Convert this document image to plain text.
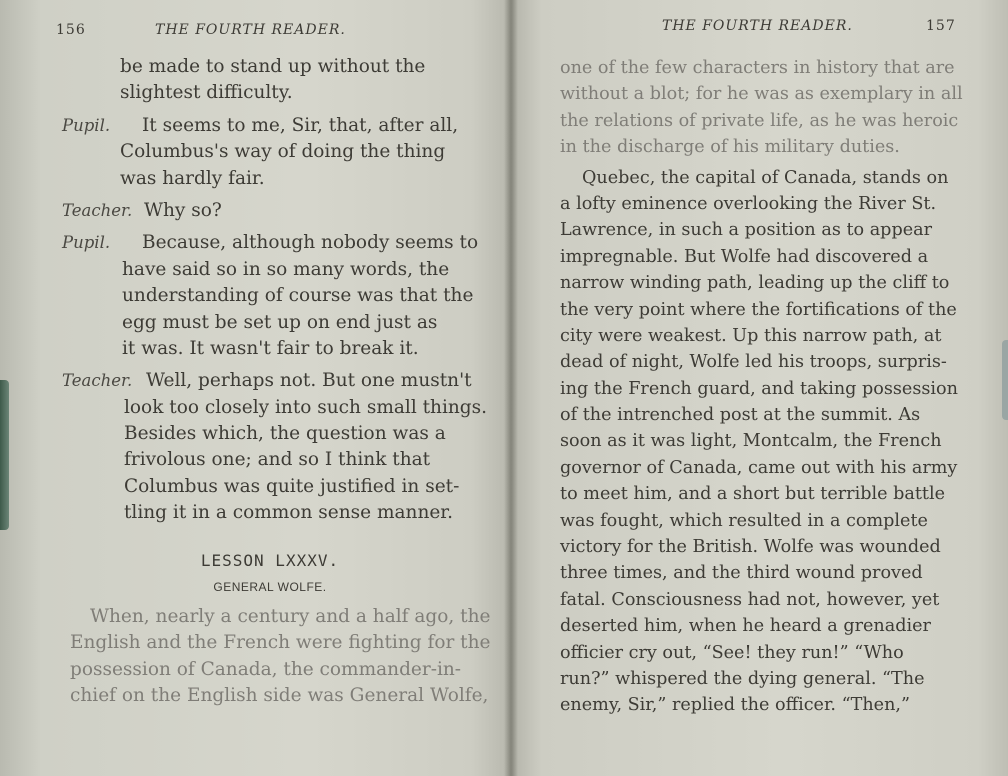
156	THE FOURTH READER.
be made to stand up without the
slightest difficulty.
Pupil. It seems to me, Sir, that, after all,
Columbus's way of doing the thing
was hardly fair.
Teacher. Why so?
Pupil. Because, although nobody seems to
have said so in so many words, the
understanding of course was that the
egg must be set up on end just as
it was. It wasn't fair to break it.
Teacher. Well, perhaps not. But one mustn't
look too closely into such small things.
Besides which, the question was a
frivolous one; and so I think that
Columbus was quite justified in set-
tling it in a common sense manner.
LESSON LXXXV.
GENERAL WOLFE.
When, nearly a century and a half ago, the
English and the French were fighting for the
possession of Canada, the commander-in-
chief on the English side was General Wolfe,
THE FOURTH READER.	157
one of the few characters in history that are
without a blot; for he was as exemplary in all
the relations of private life, as he was heroic
in the discharge of his military duties.
Quebec, the capital of Canada, stands on
a lofty eminence overlooking the River St.
Lawrence, in such a position as to appear
impregnable. But Wolfe had discovered a
narrow winding path, leading up the cliff to
the very point where the fortifications of the
city were weakest. Up this narrow path, at
dead of night, Wolfe led his troops, surpris-
ing the French guard, and taking possession
of the intrenched post at the summit. As
soon as it was light, Montcalm, the French
governor of Canada, came out with his army
to meet him, and a short but terrible battle
was fought, which resulted in a complete
victory for the British. Wolfe was wounded
three times, and the third wound proved
fatal. Consciousness had not, however, yet
deserted him, when he heard a grenadier
officier cry out, “See! they run!” “Who
run?” whispered the dying general. “The
enemy, Sir,” replied the officer. “Then,”
